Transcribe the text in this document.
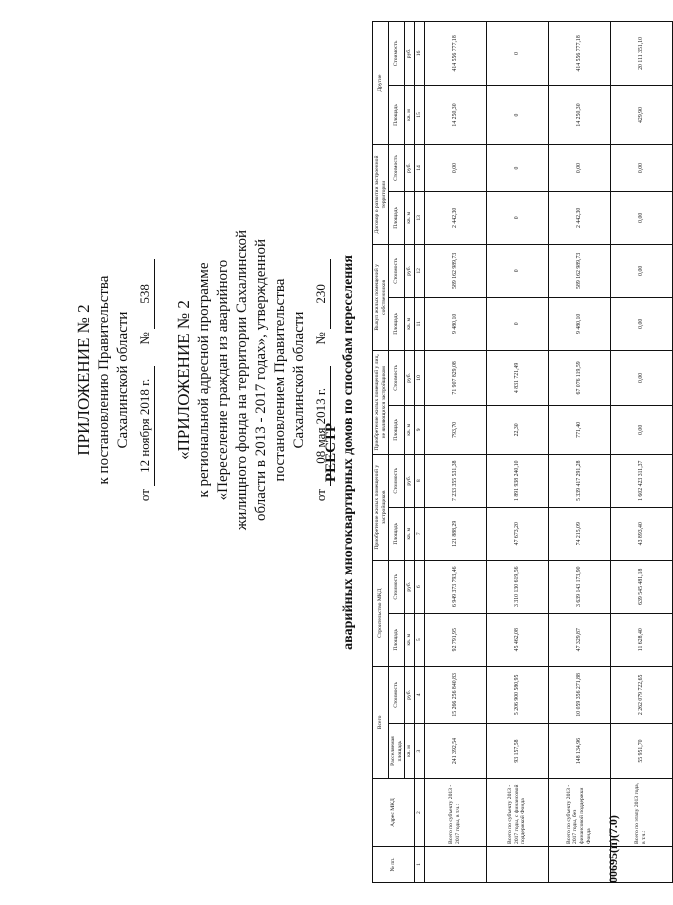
ПРИЛОЖЕНИЕ № 2 к постановлению Правительства Сахалинской области
от 12 ноября 2018 г. № 538
«ПРИЛОЖЕНИЕ № 2 к региональной адресной программе «Переселение граждан из аварийного жилищного фонда на территории Сахалинской области в 2013 - 2017 годах», утвержденной постановлением Правительства Сахалинской области
от 08 мая 2013 г. № 230
РЕЕСТР аварийных многоквартирных домов по способам переселения
00695(п)(7.0)
№ пп.	Адрес МКД	Всего		Строительство МКД		Приобретение жилых помещений у застройщиков		Приобретение жилых помещений у лиц, не являющихся застройщиком		Выкуп жилых помещений у собственников		Договор о развитии застроенной территории		Другие	
		Расселяемая площадь	Стоимость	Площадь	Стоимость	Площадь	Стоимость	Площадь	Стоимость	Площадь	Стоимость	Площадь	Стоимость	Площадь	Стоимость
		кв. м	руб.	кв. м	руб.	кв. м	руб.	кв. м	руб.	кв. м	руб.	кв. м	руб.	кв. м	руб.
1	2	3	4	5	6	7	8	9	10	11	12	13	14	15	16
	Всего по субъекту 2013 - 2017 годы, в т.ч.:	241 392,54	15 266 256 840,83	92 791,95	6 949 373 793,46	121 888,29	7 233 355 531,38	793,70	71 907 829,08	9 480,10	589 162 989,73	2 442,30	0,00	14 250,30	414 556 777,18
	Всего по субъекту 2013 - 2017 годы, с финансовой поддержкой Фонда	93 157,58	5 206 900 580,95	45 462,08	3 310 130 619,56	47 673,20	1 891 938 240,10	22,30	4 831 721,49	0	0	0	0	0	0
	Всего по субъекту 2013 - 2017 годы, без финансовой поддержки Фонда	148 134,96	10 059 356 271,88	47 329,87	3 639 143 173,90	74 215,09	5 339 417 291,28	771,40	67 076 119,59	9 480,10	589 162 989,73	2 442,30	0,00	14 250,30	414 556 777,18
	Всего по этапу 2013 года, в т.ч.:	55 951,70	2 262 079 722,65	11 628,40	639 545 481,18	43 893,40	1 602 423 311,37	0,00	0,00	0,00	0,00	0,00	0,00	429,90	20 111 351,10
